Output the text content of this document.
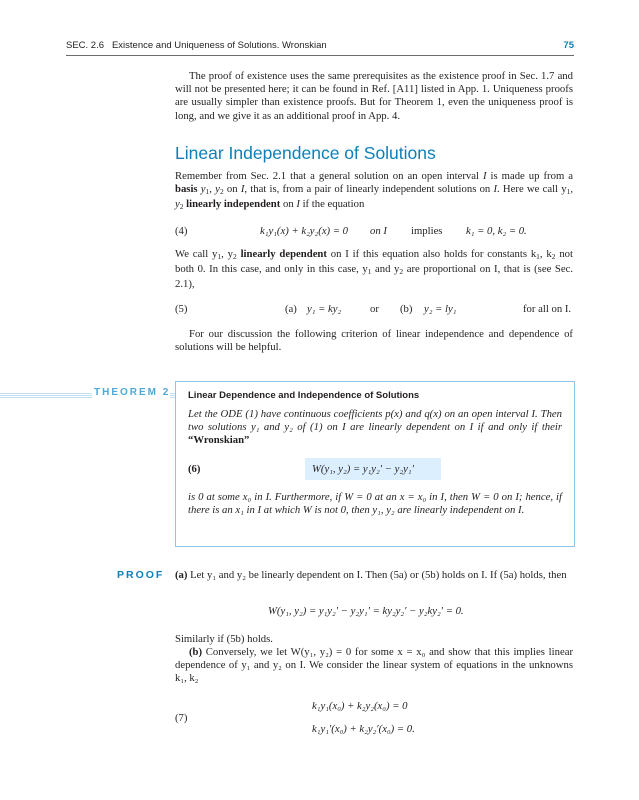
SEC. 2.6 Existence and Uniqueness of Solutions. Wronskian	75
The proof of existence uses the same prerequisites as the existence proof in Sec. 1.7 and will not be presented here; it can be found in Ref. [A11] listed in App. 1. Uniqueness proofs are usually simpler than existence proofs. But for Theorem 1, even the uniqueness proof is long, and we give it as an additional proof in App. 4.
Linear Independence of Solutions
Remember from Sec. 2.1 that a general solution on an open interval I is made up from a basis $y_1$, $y_2$ on I, that is, from a pair of linearly independent solutions on I. Here we call $y_1$, $y_2$ linearly independent on I if the equation
(4)	k₁y₁(x) + k₂y₂(x) = 0 on I implies k₁ = 0, k₂ = 0.
We call $y_1$, $y_2$ linearly dependent on I if this equation also holds for constants $k_1$, $k_2$ not both 0. In this case, and only in this case, $y_1$ and $y_2$ are proportional on I, that is (see Sec. 2.1),
(5)	(a) y₁ = ky₂	or (b) y₂ = ly₁	for all on I.
For our discussion the following criterion of linear independence and dependence of solutions will be helpful.
THEOREM 2 Linear Dependence and Independence of Solutions
Let the ODE (1) have continuous coefficients p(x) and q(x) on an open interval I. Then two solutions y₁ and y₂ of (1) on I are linearly dependent on I if and only if their “Wronskian”
(6)	W(y₁, y₂) = y₁y₂′ − y₂y₁′
is 0 at some x₀ in I. Furthermore, if W = 0 at an x = x₀ in I, then W = 0 on I; hence, if there is an x₁ in I at which W is not 0, then y₁, y₂ are linearly independent on I.
PROOF (a) Let y₁ and y₂ be linearly dependent on I. Then (5a) or (5b) holds on I. If (5a) holds, then
W(y₁, y₂) = y₁y₂′ − y₂y₁′ = ky₂y₂′ − y₂ky₂′ = 0.
Similarly if (5b) holds.
(b) Conversely, we let W(y₁, y₂) = 0 for some x = x₀ and show that this implies linear dependence of y₁ and y₂ on I. We consider the linear system of equations in the unknowns k₁, k₂
(7)
k₁y₁(x₀) + k₂y₂(x₀) = 0
k₁y₁′(x₀) + k₂y₂′(x₀) = 0.
